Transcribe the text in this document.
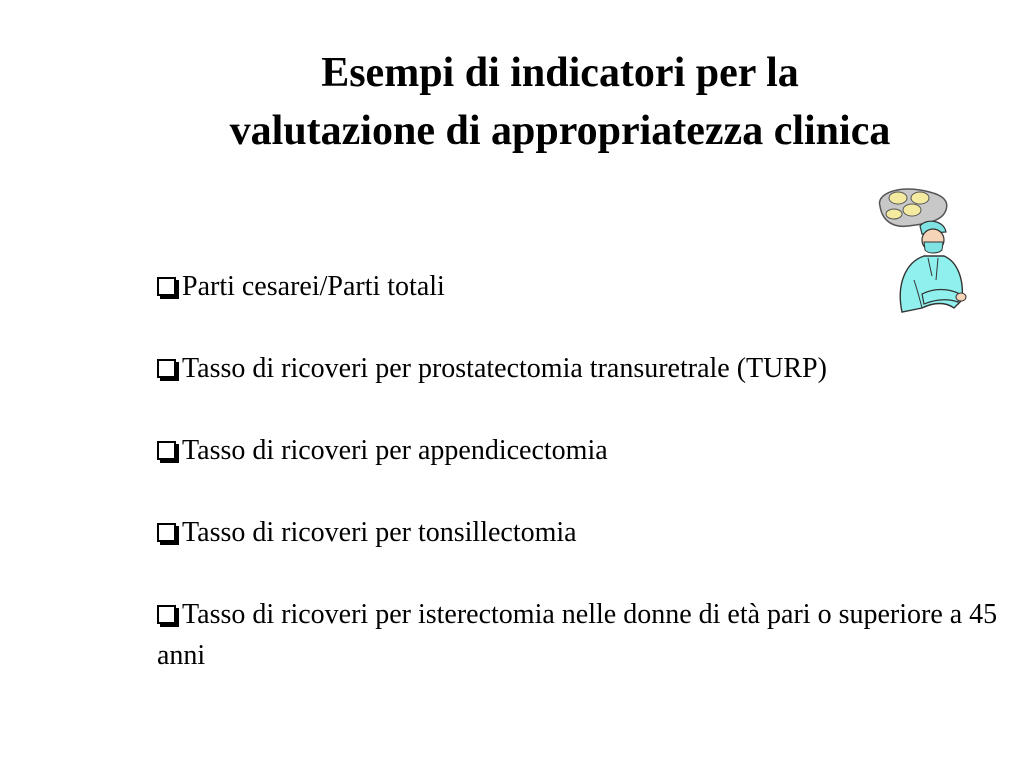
Esempi di indicatori per la
valutazione di appropriatezza clinica

Parti cesarei/Parti totali

Tasso di ricoveri per prostatectomia transuretrale (TURP)

Tasso di ricoveri per appendicectomia

Tasso di ricoveri per tonsillectomia

Tasso di ricoveri per isterectomia nelle donne di età pari o superiore a 45 anni
